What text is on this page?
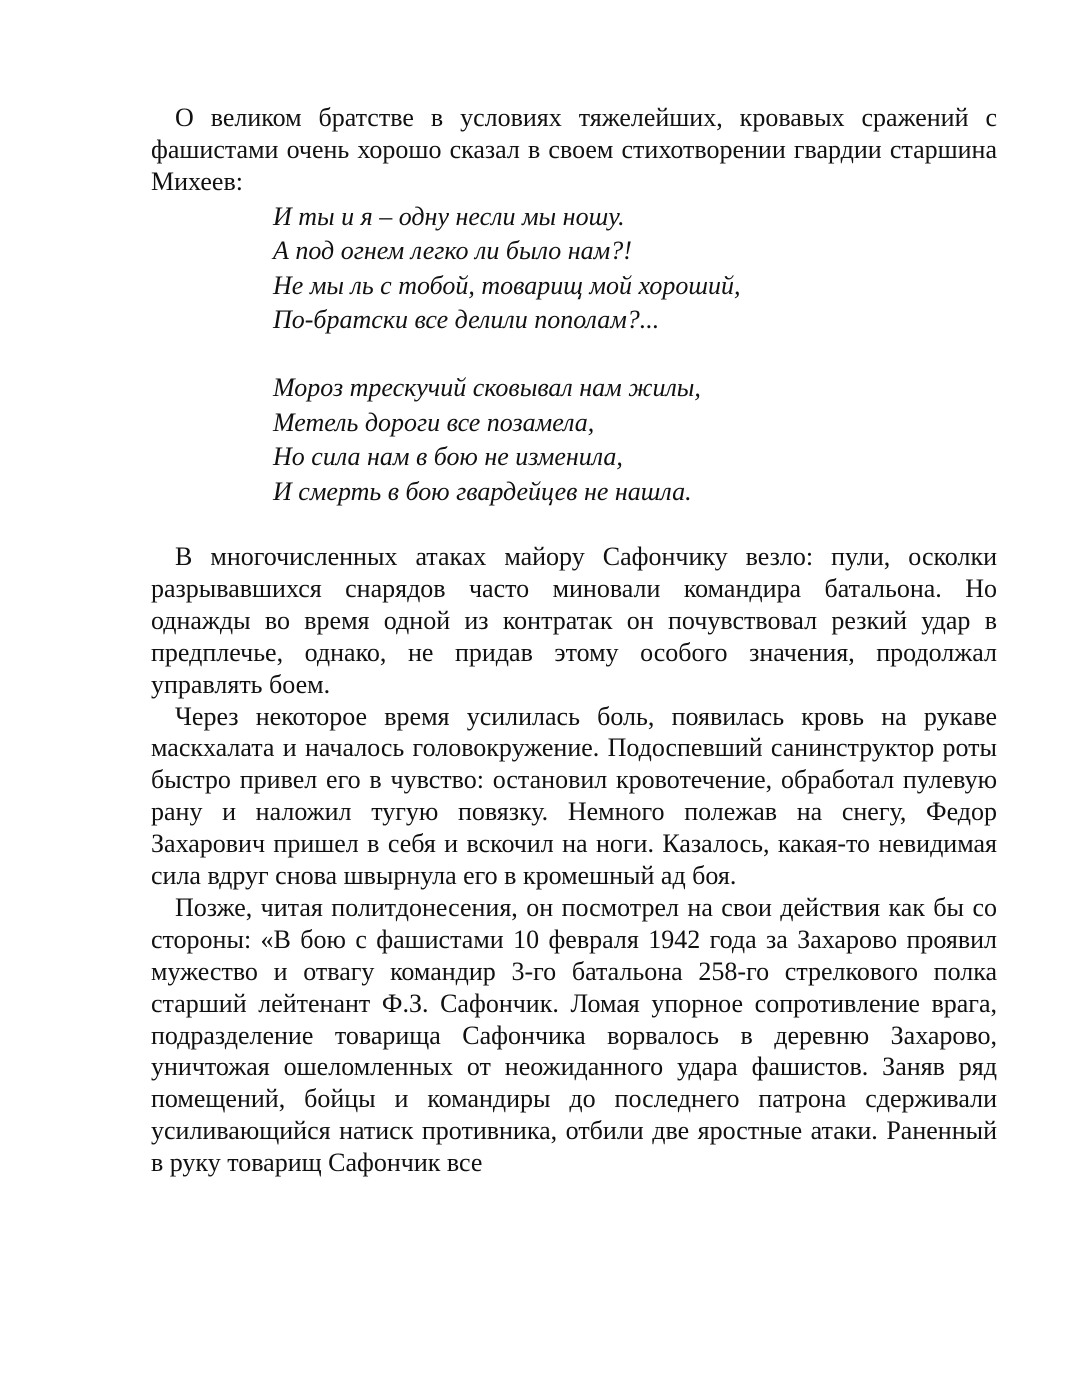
О великом братстве в условиях тяжелейших, кровавых сражений с фашистами очень хорошо сказал в своем стихотворении гвардии старшина Михеев:

И ты и я – одну несли мы ношу.
А под огнем легко ли было нам?!
Не мы ль с тобой, товарищ мой хороший,
По-братски все делили пополам?...
Мороз трескучий сковывал нам жилы,
Метель дороги все позамела,
Но сила нам в бою не изменила,
И смерть в бою гвардейцев не нашла.

В многочисленных атаках майору Сафончику везло: пули, осколки разрывавшихся снарядов часто миновали командира батальона. Но однажды во время одной из контратак он почувствовал резкий удар в предплечье, однако, не придав этому особого значения, продолжал управлять боем.

Через некоторое время усилилась боль, появилась кровь на рукаве маскхалата и началось головокружение. Подоспевший санинструктор роты быстро привел его в чувство: остановил кровотечение, обработал пулевую рану и наложил тугую повязку. Немного полежав на снегу, Федор Захарович пришел в себя и вскочил на ноги. Казалось, какая-то невидимая сила вдруг снова швырнула его в кромешный ад боя.

Позже, читая политдонесения, он посмотрел на свои действия как бы со стороны: «В бою с фашистами 10 февраля 1942 года за Захарово проявил мужество и отвагу командир 3-го батальона 258-го стрелкового полка старший лейтенант Ф.З. Сафончик. Ломая упорное сопротивление врага, подразделение товарища Сафончика ворвалось в деревню Захарово, уничтожая ошеломленных от неожиданного удара фашистов. Заняв ряд помещений, бойцы и командиры до последнего патрона сдерживали усиливающийся натиск противника, отбили две яростные атаки. Раненный в руку товарищ Сафончик все
